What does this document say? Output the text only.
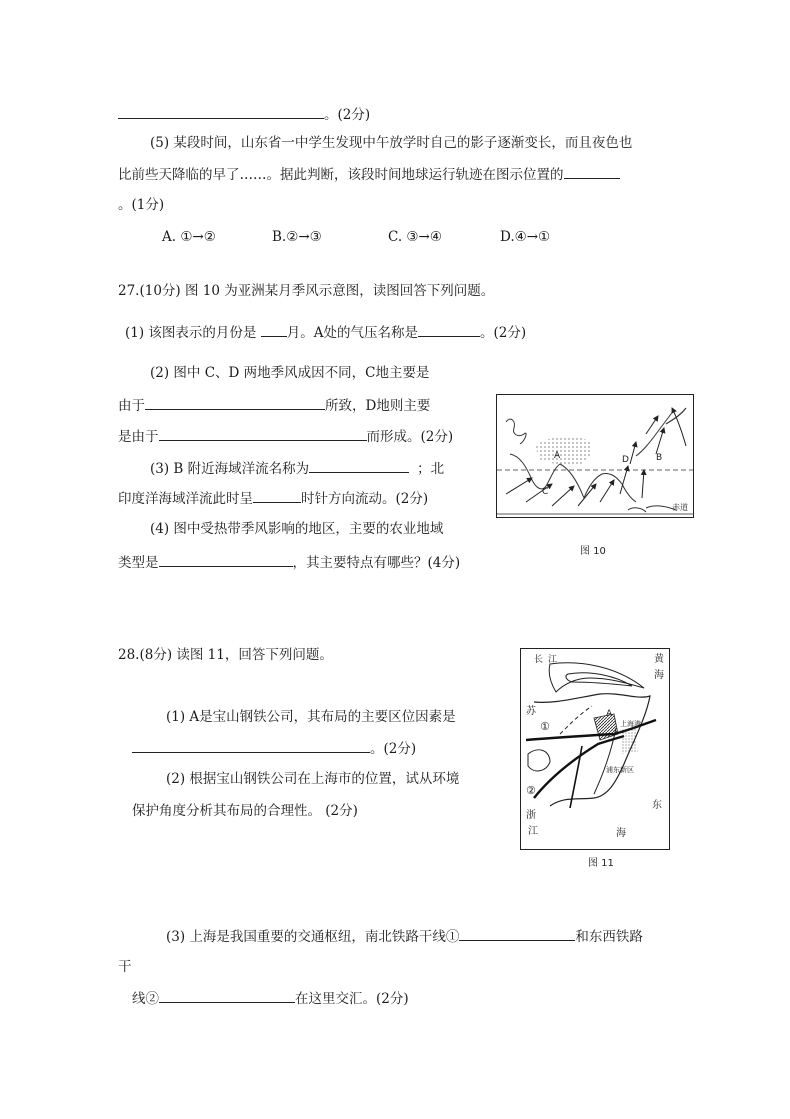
。(2分)
(5) 某段时间，山东省一中学生发现中午放学时自己的影子逐渐变长，而且夜色也
比前些天降临的早了……。据此判断，该段时间地球运行轨迹在图示位置的
。(1分)
A. ①→②	B.②→③	C. ③→④	D.④→①
27.(10分) 图 10 为亚洲某月季风示意图，读图回答下列问题。
(1) 该图表示的月份是 月。A处的气压名称是	。(2分)
(2) 图中 C、D 两地季风成因不同，C地主要是
由于	所致，D地则主要
是由于	而形成。(2分)
(3) B 附近海域洋流名称为	；北
印度洋海域洋流此时呈	时针方向流动。(2分)
(4) 图中受热带季风影响的地区，主要的农业地域
类型是	，其主要特点有哪些？(4分)
A	B
C
D
赤道
图 10
28.(8分) 读图 11，回答下列问题。
(1) A是宝山钢铁公司，其布局的主要区位因素是
。(2分)
(2) 根据宝山钢铁公司在上海市的位置，试从环境
保护角度分析其布局的合理性。 (2分)
长 江	黄
海
苏
①
A
上海港
浦东新区
②
东
浙
江	海
图 11
(3) 上海是我国重要的交通枢纽，南北铁路干线①	和东西铁路
干
线②	在这里交汇。(2分)
